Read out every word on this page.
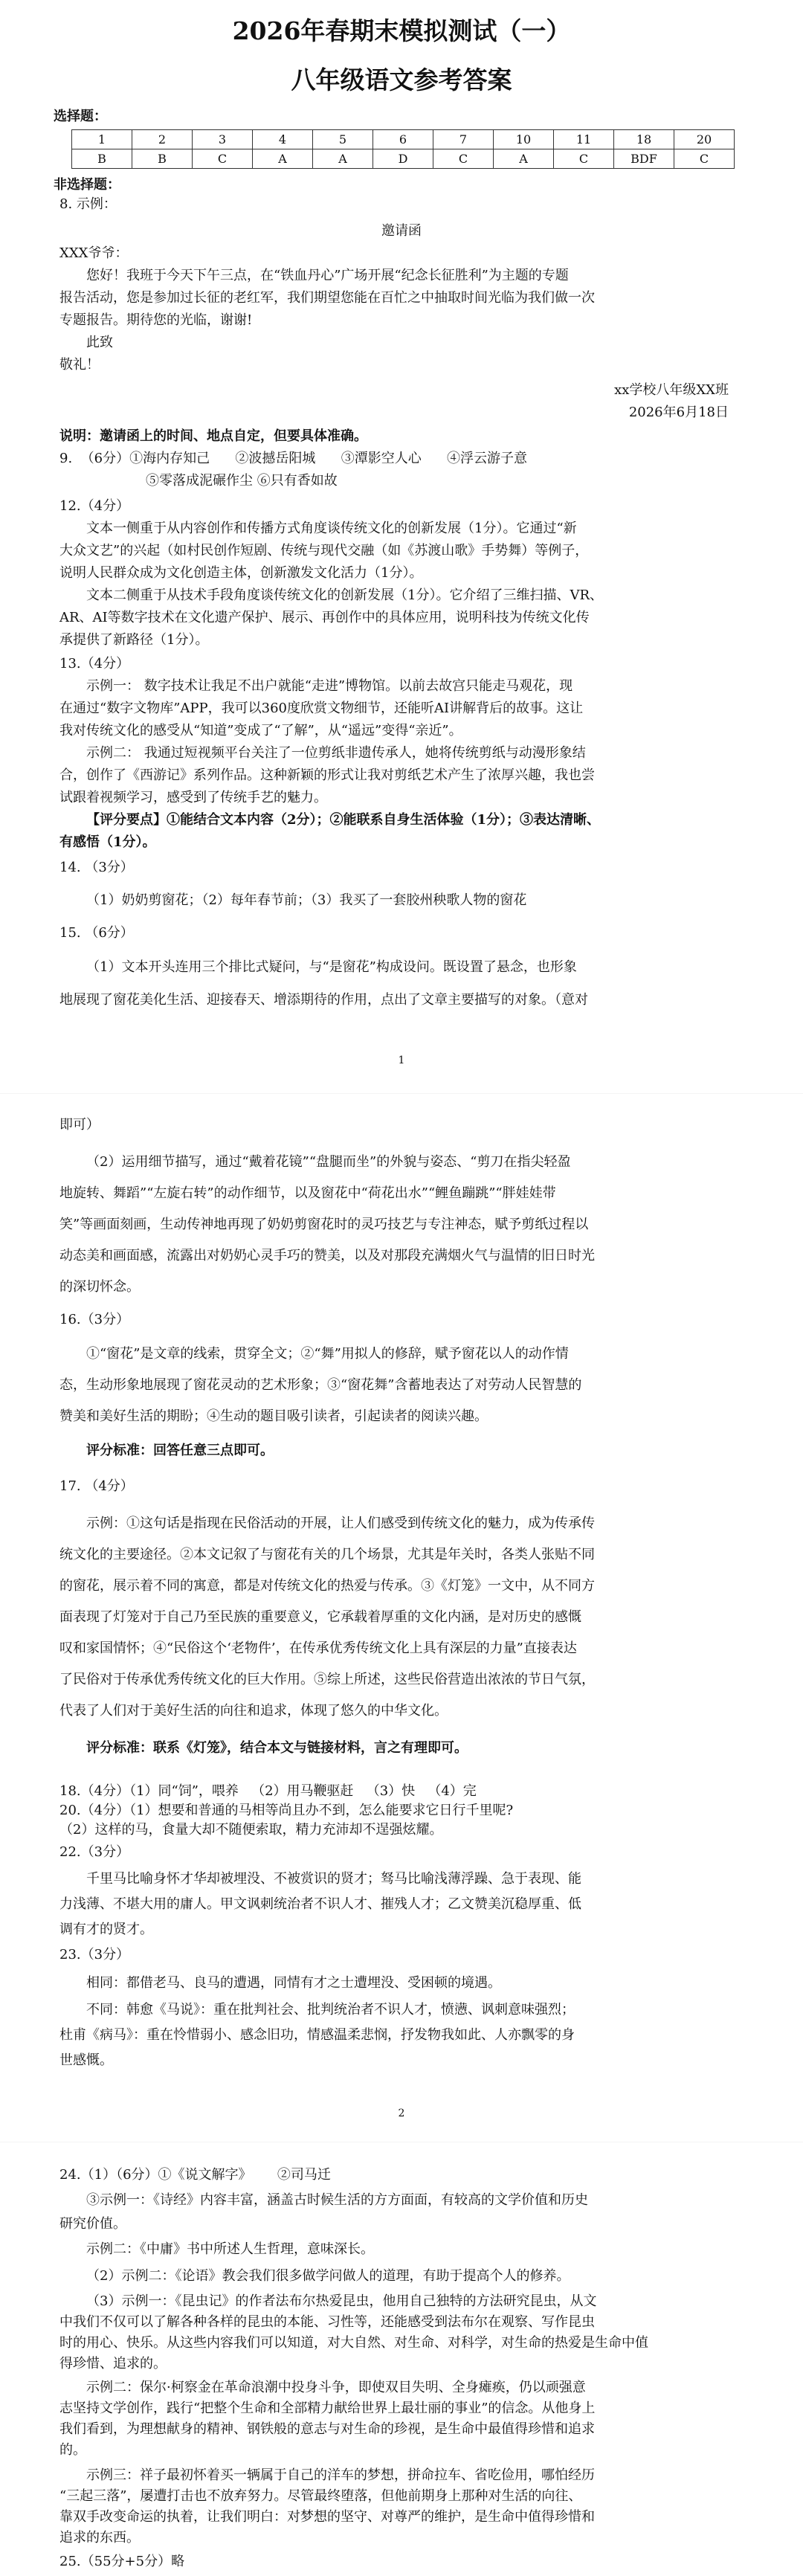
2026年春期末模拟测试（一）
八年级语文参考答案
选择题：
1	2	3	4	5	6	7	10	11	18	20
B	B	C	A	A	D	C	A	C	BDF	C
非选择题：
8. 示例：
邀请函
XXX爷爷：
您好！我班于今天下午三点，在“铁血丹心”广场开展“纪念长征胜利”为主题的专题
报告活动，您是参加过长征的老红军，我们期望您能在百忙之中抽取时间光临为我们做一次
专题报告。期待您的光临，谢谢!
此致
敬礼！
xx学校八年级XX班
2026年6月18日
说明：邀请函上的时间、地点自定，但要具体准确。
9.  （6分）①海内存知己      ②波撼岳阳城      ③潭影空人心      ④浮云游子意
⑤零落成泥碾作尘 ⑥只有香如故
12.（4分）
文本一侧重于从内容创作和传播方式角度谈传统文化的创新发展（1分）。它通过“新
大众文艺”的兴起（如村民创作短剧、传统与现代交融（如《苏渡山歌》手势舞）等例子，
说明人民群众成为文化创造主体，创新激发文化活力（1分）。
文本二侧重于从技术手段角度谈传统文化的创新发展（1分）。它介绍了三维扫描、VR、
AR、AI等数字技术在文化遗产保护、展示、再创作中的具体应用，说明科技为传统文化传
承提供了新路径（1分）。
13.（4分）
示例一： 数字技术让我足不出户就能“走进”博物馆。以前去故宫只能走马观花，现
在通过“数字文物库”APP，我可以360度欣赏文物细节，还能听AI讲解背后的故事。这让
我对传统文化的感受从“知道”变成了“了解”，从“遥远”变得“亲近”。
示例二： 我通过短视频平台关注了一位剪纸非遗传承人，她将传统剪纸与动漫形象结
合，创作了《西游记》系列作品。这种新颖的形式让我对剪纸艺术产生了浓厚兴趣，我也尝
试跟着视频学习，感受到了传统手艺的魅力。
【评分要点】①能结合文本内容（2分）；②能联系自身生活体验（1分）；③表达清晰、
有感悟（1分）。
14. （3分）
（1）奶奶剪窗花；（2）每年春节前；（3）我买了一套胶州秧歌人物的窗花
15. （6分）
（1）文本开头连用三个排比式疑问，与“是窗花”构成设问。既设置了悬念，也形象
地展现了窗花美化生活、迎接春天、增添期待的作用，点出了文章主要描写的对象。（意对
1
即可）
（2）运用细节描写，通过“戴着花镜”“盘腿而坐”的外貌与姿态、“剪刀在指尖轻盈
地旋转、舞蹈”“左旋右转”的动作细节，以及窗花中“荷花出水”“鲤鱼蹦跳”“胖娃娃带
笑”等画面刻画，生动传神地再现了奶奶剪窗花时的灵巧技艺与专注神态，赋予剪纸过程以
动态美和画面感，流露出对奶奶心灵手巧的赞美，以及对那段充满烟火气与温情的旧日时光
的深切怀念。
16.（3分）
①“窗花”是文章的线索，贯穿全文；②“舞”用拟人的修辞，赋予窗花以人的动作情
态，生动形象地展现了窗花灵动的艺术形象；③“窗花舞”含蓄地表达了对劳动人民智慧的
赞美和美好生活的期盼；④生动的题目吸引读者，引起读者的阅读兴趣。
评分标准：回答任意三点即可。
17. （4分）
示例：①这句话是指现在民俗活动的开展，让人们感受到传统文化的魅力，成为传承传
统文化的主要途径。②本文记叙了与窗花有关的几个场景，尤其是年关时，各类人张贴不同
的窗花，展示着不同的寓意，都是对传统文化的热爱与传承。③《灯笼》一文中，从不同方
面表现了灯笼对于自己乃至民族的重要意义，它承载着厚重的文化内涵，是对历史的感慨
叹和家国情怀；④“民俗这个‘老物件’，在传承优秀传统文化上具有深层的力量”直接表达
了民俗对于传承优秀传统文化的巨大作用。⑤综上所述，这些民俗营造出浓浓的节日气氛，
代表了人们对于美好生活的向往和追求，体现了悠久的中华文化。
评分标准：联系《灯笼》，结合本文与链接材料，言之有理即可。
18.（4分）（1）同“饲”，喂养   （2）用马鞭驱赶   （3）快   （4）完
20.（4分）（1）想要和普通的马相等尚且办不到，怎么能要求它日行千里呢?
（2）这样的马，食量大却不随便索取，精力充沛却不逞强炫耀。
22.（3分）
千里马比喻身怀才华却被埋没、不被赏识的贤才；驽马比喻浅薄浮躁、急于表现、能
力浅薄、不堪大用的庸人。甲文讽刺统治者不识人才、摧残人才；乙文赞美沉稳厚重、低
调有才的贤才。
23.（3分）
相同：都借老马、良马的遭遇，同情有才之士遭埋没、受困顿的境遇。
不同：韩愈《马说》：重在批判社会、批判统治者不识人才，愤懑、讽刺意味强烈；
杜甫《病马》：重在怜惜弱小、感念旧功，情感温柔悲悯，抒发物我如此、人亦飘零的身
世感慨。
2
24.（1）（6分）①《说文解字》      ②司马迁
③示例一：《诗经》内容丰富，涵盖古时候生活的方方面面，有较高的文学价值和历史
研究价值。
示例二：《中庸》书中所述人生哲理，意味深长。
（2）示例二：《论语》教会我们很多做学问做人的道理，有助于提高个人的修养。
（3）示例一：《昆虫记》的作者法布尔热爱昆虫，他用自己独特的方法研究昆虫，从文
中我们不仅可以了解各种各样的昆虫的本能、习性等，还能感受到法布尔在观察、写作昆虫
时的用心、快乐。从这些内容我们可以知道，对大自然、对生命、对科学，对生命的热爱是生命中值
得珍惜、追求的。
示例二：保尔·柯察金在革命浪潮中投身斗争，即使双目失明、全身瘫痪，仍以顽强意
志坚持文学创作，践行“把整个生命和全部精力献给世界上最壮丽的事业”的信念。从他身上
我们看到，为理想献身的精神、钢铁般的意志与对生命的珍视，是生命中最值得珍惜和追求
的。
示例三：祥子最初怀着买一辆属于自己的洋车的梦想，拼命拉车、省吃俭用，哪怕经历
“三起三落”，屡遭打击也不放弃努力。尽管最终堕落，但他前期身上那种对生活的向往、
靠双手改变命运的执着，让我们明白：对梦想的坚守、对尊严的维护，是生命中值得珍惜和
追求的东西。
25.（55分+5分）略
